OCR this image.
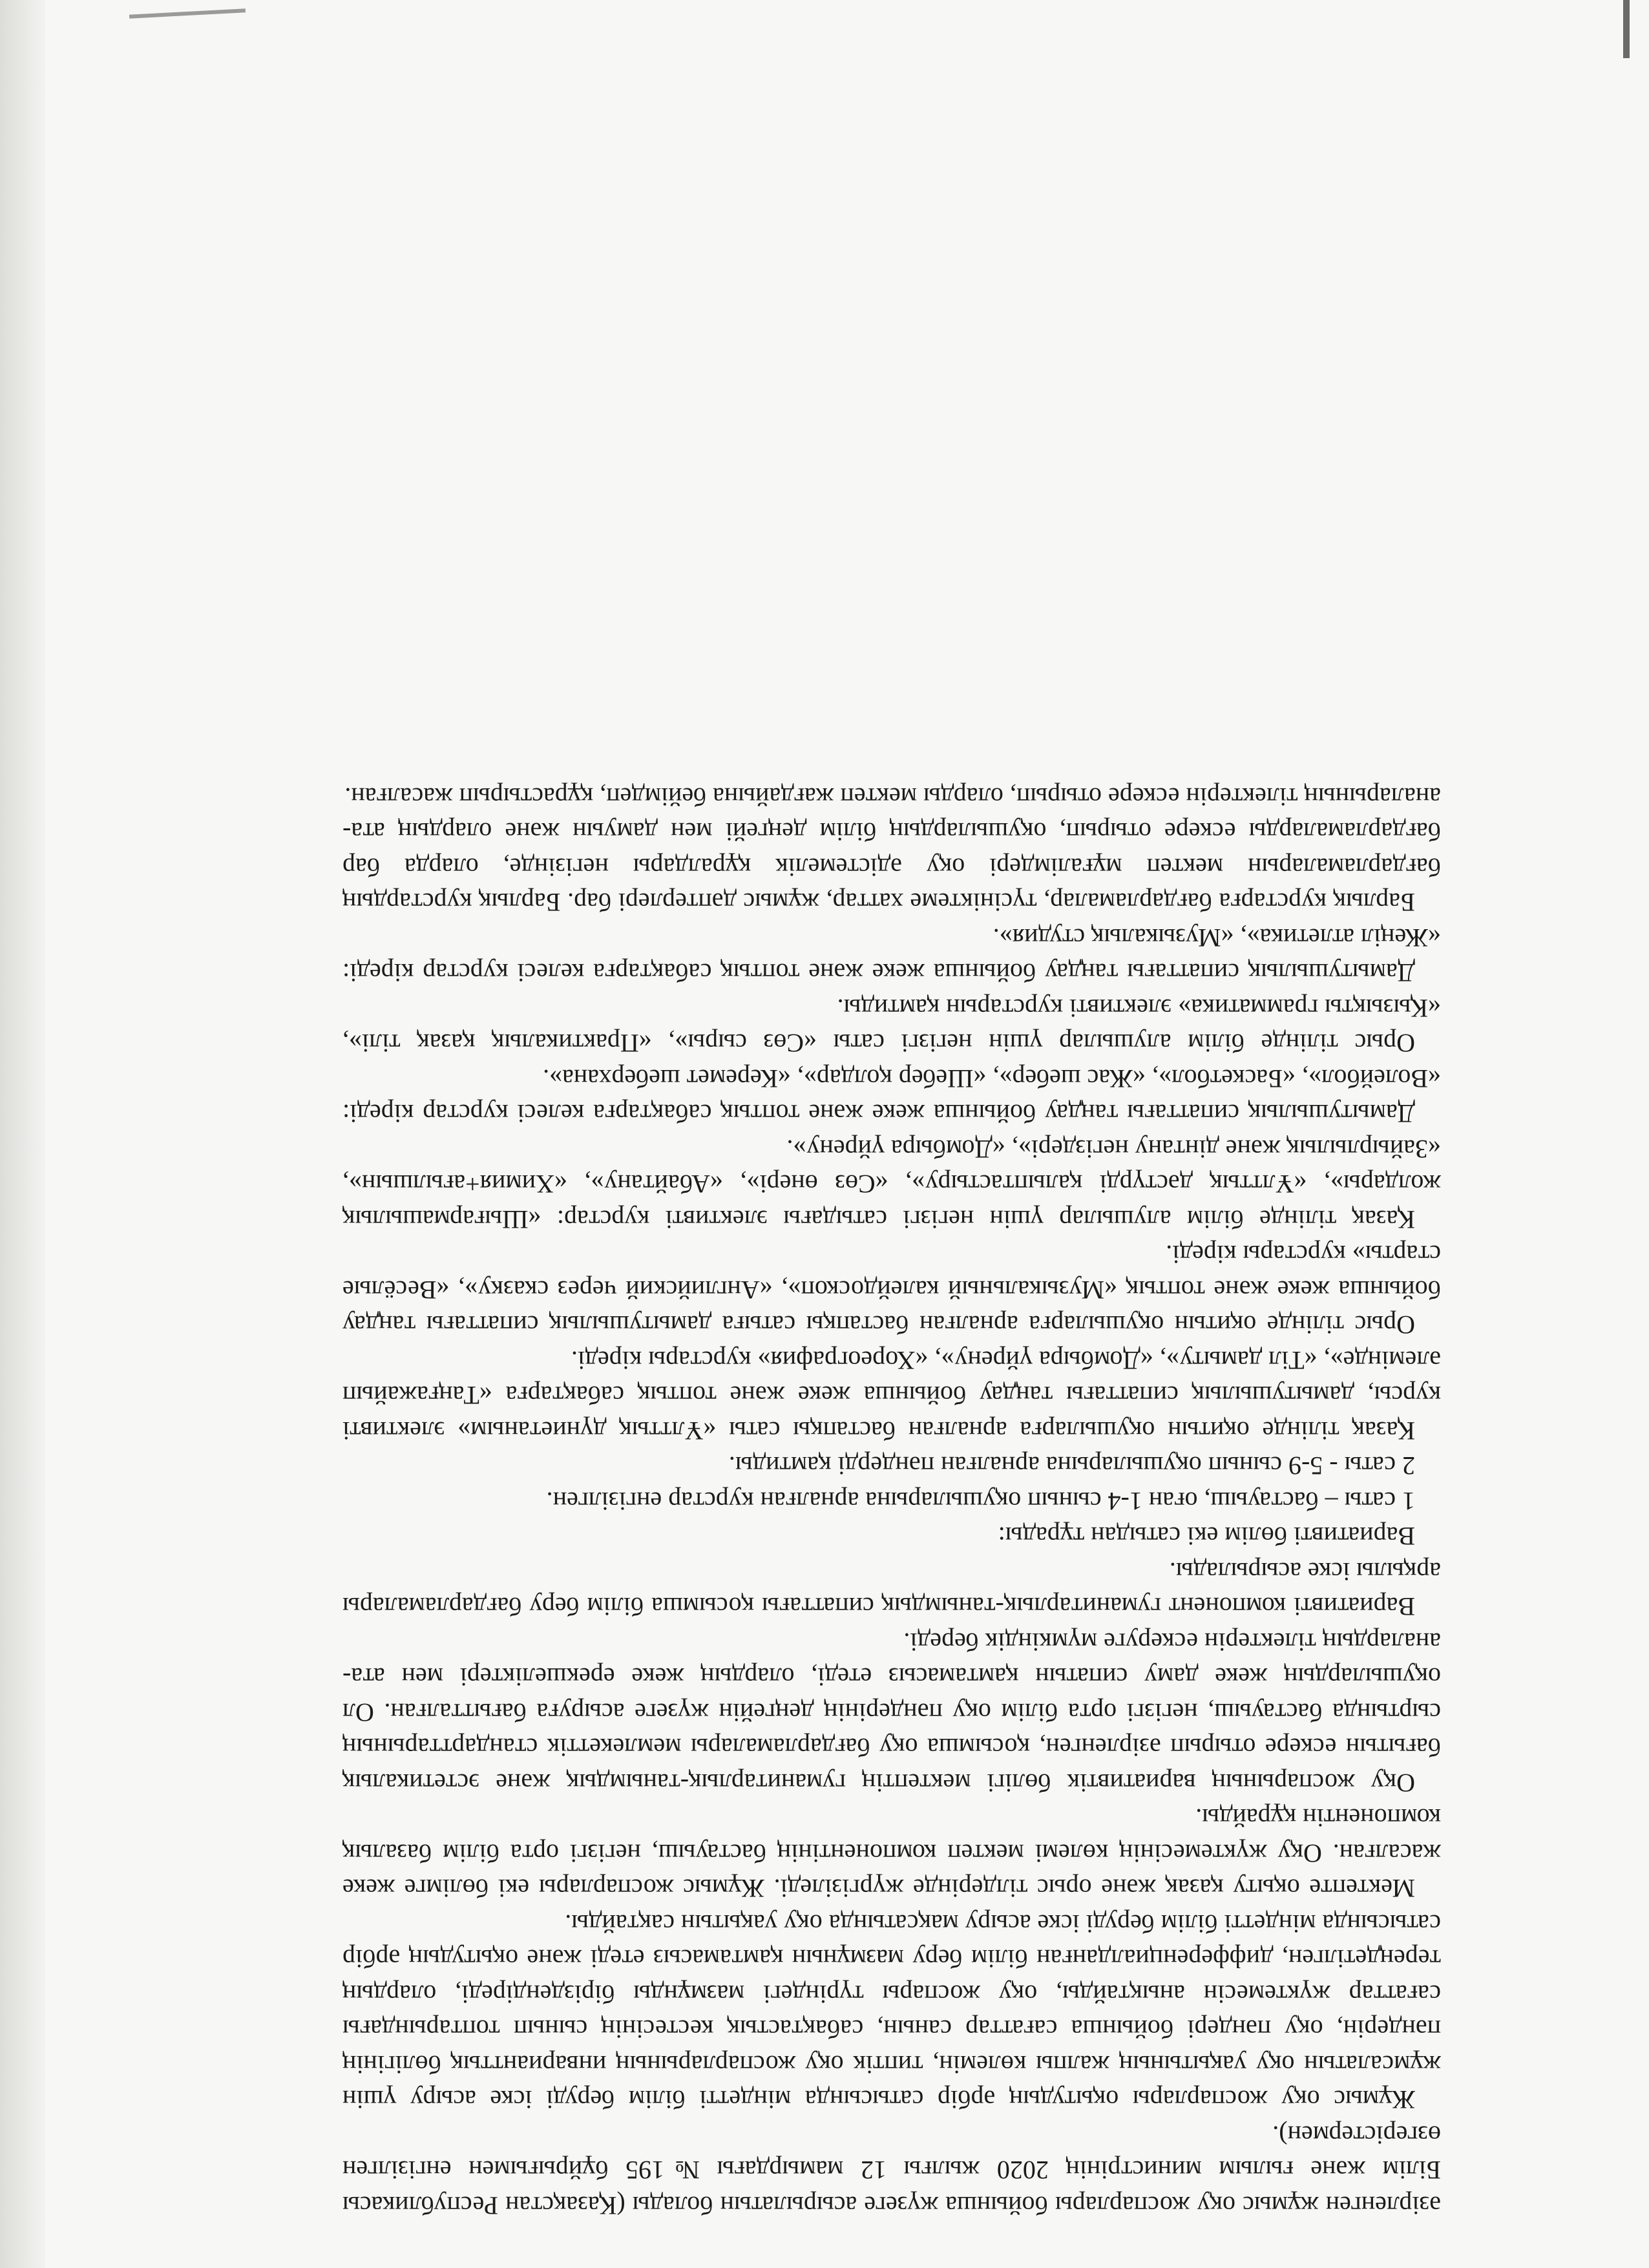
әзірленген жұмыс оқу жоспарлары бойынша жүзеге асырылатын болады (Қазақстан Республикасы Білім және ғылым министрінің 2020 жылғы 12 мамырдағы №195 бұйрығымен енгізілген өзгерістермен).

Жұмыс оқу жоспарлары оқытудың әрбір сатысында міндетті білім беруді іске асыру үшін жұмсалатын оқу уақытының жалпы көлемін, типтік оқу жоспарларының инварианттық бөлігінің пәндерін, оқу пәндері бойынша сағаттар санын, сабақтастық кестесінің сынып топтарындағы сағаттар жүктемесін анықтайды, оқу жоспары түріндегі мазмұнды біріздендіреді, олардың тереңдетілген, дифференциалданған білім беру мазмұнын қамтамасыз етеді және оқытудың әрбір сатысында міндетті білім беруді іске асыру мақсатында оқу уақытын сақтайды.

Мектепте оқыту қазақ және орыс тілдерінде жүргізіледі. Жұмыс жоспарлары екі бөлімге жеке жасалған. Оқу жүктемесінің көлемі мектеп компонентінің бастауыш, негізгі орта білім базалық компонентін құрайды.

Оқу жоспарының вариативтік бөлігі мектептің гуманитарлық-танымдық және эстетикалық бағытын ескере отырып әзірленген, қосымша оқу бағдарламалары мемлекеттік стандарттарының сыртында бастауыш, негізгі орта білім оқу пәндерінің деңгейін жүзеге асыруға бағытталған. Ол оқушылардың жеке даму сипатын қамтамасыз етеді, олардың жеке ерекшеліктері мен ата-аналардың тілектерін ескеруге мүмкіндік береді.

Вариативті компонент гуманитарлық-танымдық сипаттағы қосымша білім беру бағдарламалары арқылы іске асырылады.

Вариативті бөлім екі сатыдан тұрады:

1 саты – бастауыш, оған 1-4 сынып оқушыларына арналған курстар енгізілген.

2 саты - 5-9 сынып оқушыларына арналған пәндерді қамтиды.

Қазақ тілінде оқитын оқушыларға арналған бастапқы саты «Ұлттық дүниетаным» элективті курсы, дамытушылық сипаттағы таңдау бойынша жеке және топтық сабақтарға «Таңғажайып әлемінде», «Тіл дамыту», «Домбыра үйрену», «Хореография» курстары кіреді.

Орыс тілінде оқитын оқушыларға арналған бастапқы сатыға дамытушылық сипаттағы таңдау бойынша жеке және топтық «Музыкальный калейдоскоп», «Английский через сказку», «Весёлые старты» курстары кіреді.

Қазақ тілінде білім алушылар үшін негізгі сатыдағы элективті курстар: «Шығармашылық жолдары», «Ұлттық дәстүрді қалыптастыру», «Сөз өнері», «Абайтану», «Химия+ағылшын», «Зайырлылық және дінтану негіздері», «Домбыра үйрену».

Дамытушылық сипаттағы таңдау бойынша жеке және топтық сабақтарға келесі курстар кіреді: «Волейбол», «Баскетбол», «Жас шебер», «Шебер қолдар», «Керемет шеберхана».

Орыс тілінде білім алушылар үшін негізгі саты «Сөз сыры», «Практикалық қазақ тілі», «Қызықты грамматика» элективті курстарын қамтиды.

Дамытушылық сипаттағы таңдау бойынша жеке және топтық сабақтарға келесі курстар кіреді: «Жеңіл атлетика», «Музыкалық студия».

Барлық курстарға бағдарламалар, түсініктеме хаттар, жұмыс дәптерлері бар. Барлық курстардың бағдарламаларын мектеп мұғалімдері оқу әдістемелік құралдары негізінде, оларда бар бағдарламаларды ескере отырып, оқушылардың білім деңгейі мен дамуын және олардың ата-аналарының тілектерін ескере отырып, оларды мектеп жағдайына бейімдеп, құрастырып жасалған.
